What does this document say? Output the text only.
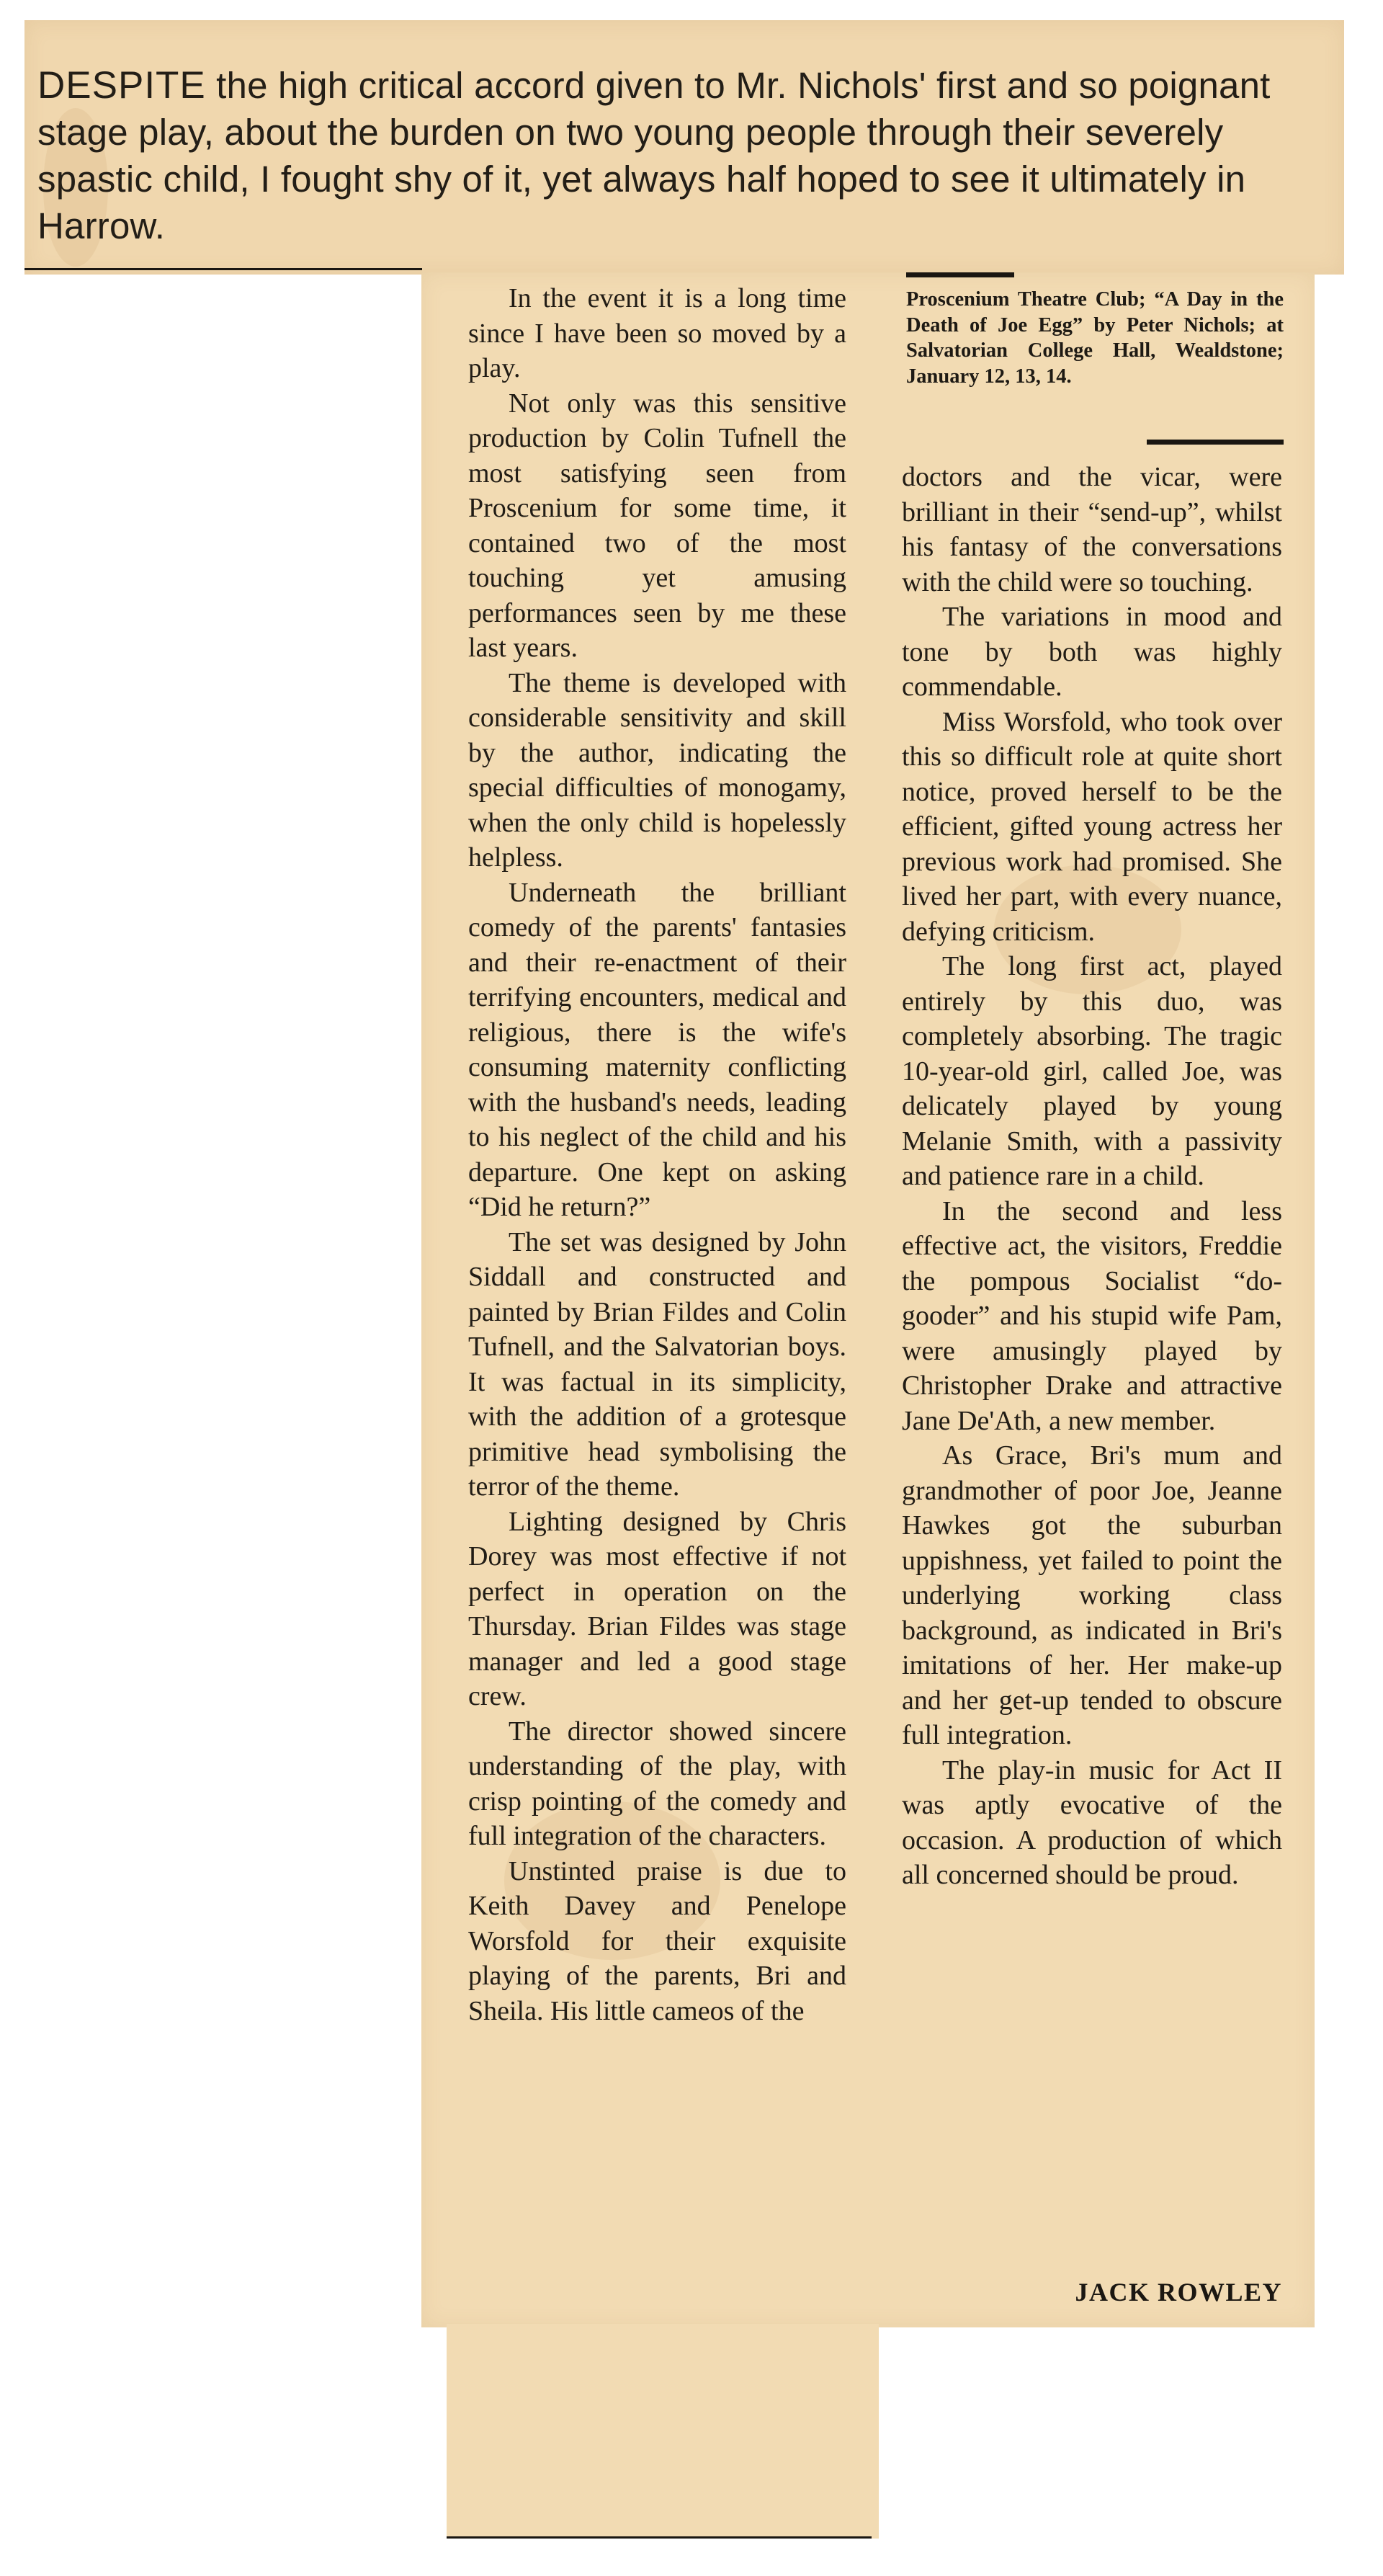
DESPITE the high critical accord given to Mr. Nichols' first and so poignant stage play, about the burden on two young people through their severely spastic child, I fought shy of it, yet always half hoped to see it ultimately in Harrow.

Proscenium Theatre Club; “A Day in the Death of Joe Egg” by Peter Nichols; at Salvatorian College Hall, Wealdstone; January 12, 13, 14.

In the event it is a long time since I have been so moved by a play.

Not only was this sensitive production by Colin Tufnell the most satisfying seen from Proscenium for some time, it contained two of the most touching yet amusing performances seen by me these last years.

The theme is developed with considerable sensitivity and skill by the author, indicating the special difficulties of monogamy, when the only child is hopelessly helpless.

Underneath the brilliant comedy of the parents' fantasies and their re-enactment of their terrifying encounters, medical and religious, there is the wife's consuming maternity conflicting with the husband's needs, leading to his neglect of the child and his departure. One kept on asking “Did he return?”

The set was designed by John Siddall and constructed and painted by Brian Fildes and Colin Tufnell, and the Salvatorian boys. It was factual in its simplicity, with the addition of a grotesque primitive head symbolising the terror of the theme.

Lighting designed by Chris Dorey was most effective if not perfect in operation on the Thursday. Brian Fildes was stage manager and led a good stage crew.

The director showed sincere understanding of the play, with crisp pointing of the comedy and full integration of the characters.

Unstinted praise is due to Keith Davey and Penelope Worsfold for their exquisite playing of the parents, Bri and Sheila. His little cameos of the

doctors and the vicar, were brilliant in their “send-up”, whilst his fantasy of the conversations with the child were so touching.

The variations in mood and tone by both was highly commendable.

Miss Worsfold, who took over this so difficult role at quite short notice, proved herself to be the efficient, gifted young actress her previous work had promised. She lived her part, with every nuance, defying criticism.

The long first act, played entirely by this duo, was completely absorbing. The tragic 10-year-old girl, called Joe, was delicately played by young Melanie Smith, with a passivity and patience rare in a child.

In the second and less effective act, the visitors, Freddie the pompous Socialist “do-gooder” and his stupid wife Pam, were amusingly played by Christopher Drake and attractive Jane De'Ath, a new member.

As Grace, Bri's mum and grandmother of poor Joe, Jeanne Hawkes got the suburban uppishness, yet failed to point the underlying working class background, as indicated in Bri's imitations of her. Her make-up and her get-up tended to obscure full integration.

The play-in music for Act II was aptly evocative of the occasion. A production of which all concerned should be proud.

JACK ROWLEY
